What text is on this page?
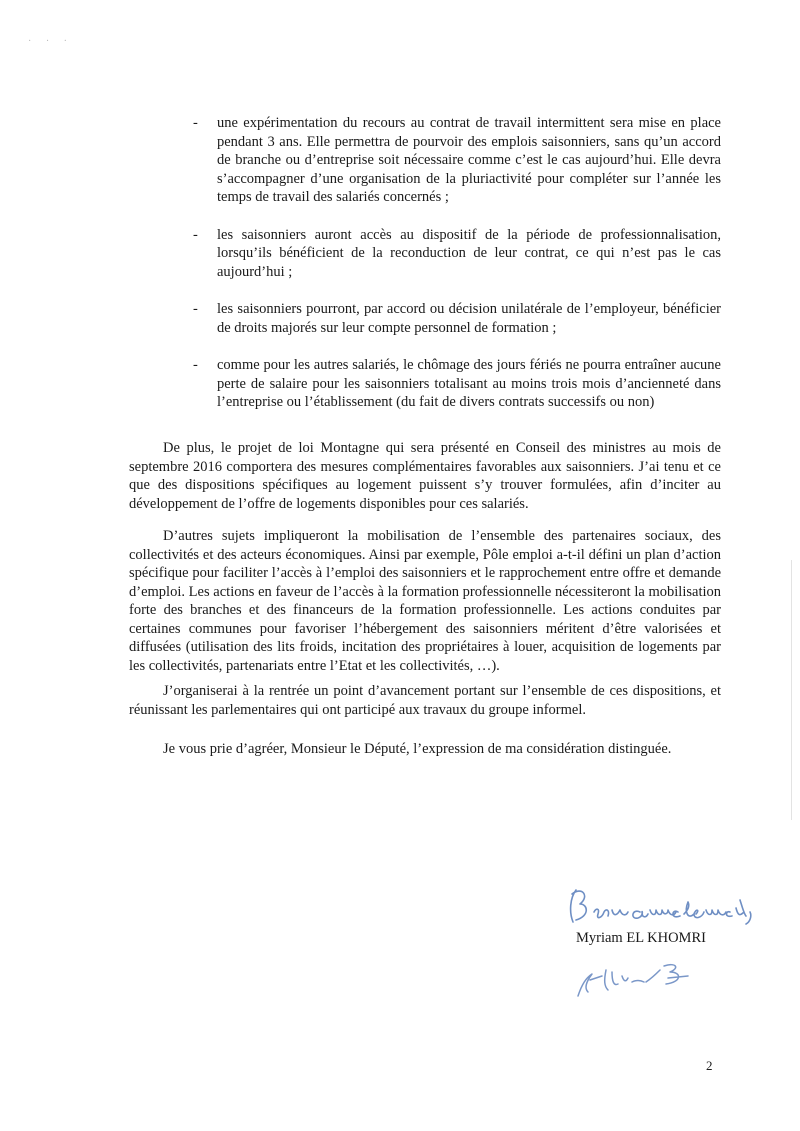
· · ·
- une expérimentation du recours au contrat de travail intermittent sera mise en place pendant 3 ans. Elle permettra de pourvoir des emplois saisonniers, sans qu’un accord de branche ou d’entreprise soit nécessaire comme c’est le cas aujourd’hui. Elle devra s’accompagner d’une organisation de la pluriactivité pour compléter sur l’année les temps de travail des salariés concernés ;
- les saisonniers auront accès au dispositif de la période de professionnalisation, lorsqu’ils bénéficient de la reconduction de leur contrat, ce qui n’est pas le cas aujourd’hui ;
- les saisonniers pourront, par accord ou décision unilatérale de l’employeur, bénéficier de droits majorés sur leur compte personnel de formation ;
- comme pour les autres salariés, le chômage des jours fériés ne pourra entraîner aucune perte de salaire pour les saisonniers totalisant au moins trois mois d’ancienneté dans l’entreprise ou l’établissement (du fait de divers contrats successifs ou non)

De plus, le projet de loi Montagne qui sera présenté en Conseil des ministres au mois de septembre 2016 comportera des mesures complémentaires favorables aux saisonniers. J’ai tenu et ce que des dispositions spécifiques au logement puissent s’y trouver formulées, afin d’inciter au développement de l’offre de logements disponibles pour ces salariés.

D’autres sujets impliqueront la mobilisation de l’ensemble des partenaires sociaux, des collectivités et des acteurs économiques. Ainsi par exemple, Pôle emploi a-t-il défini un plan d’action spécifique pour faciliter l’accès à l’emploi des saisonniers et le rapprochement entre offre et demande d’emploi. Les actions en faveur de l’accès à la formation professionnelle nécessiteront la mobilisation forte des branches et des financeurs de la formation professionnelle. Les actions conduites par certaines communes pour favoriser l’hébergement des saisonniers méritent d’être valorisées et diffusées (utilisation des lits froids, incitation des propriétaires à louer, acquisition de logements par les collectivités, partenariats entre l’Etat et les collectivités, …).

J’organiserai à la rentrée un point d’avancement portant sur l’ensemble de ces dispositions, et réunissant les parlementaires qui ont participé aux travaux du groupe informel.

Je vous prie d’agréer, Monsieur le Député, l’expression de ma considération distinguée.

Myriam EL KHOMRI
2
